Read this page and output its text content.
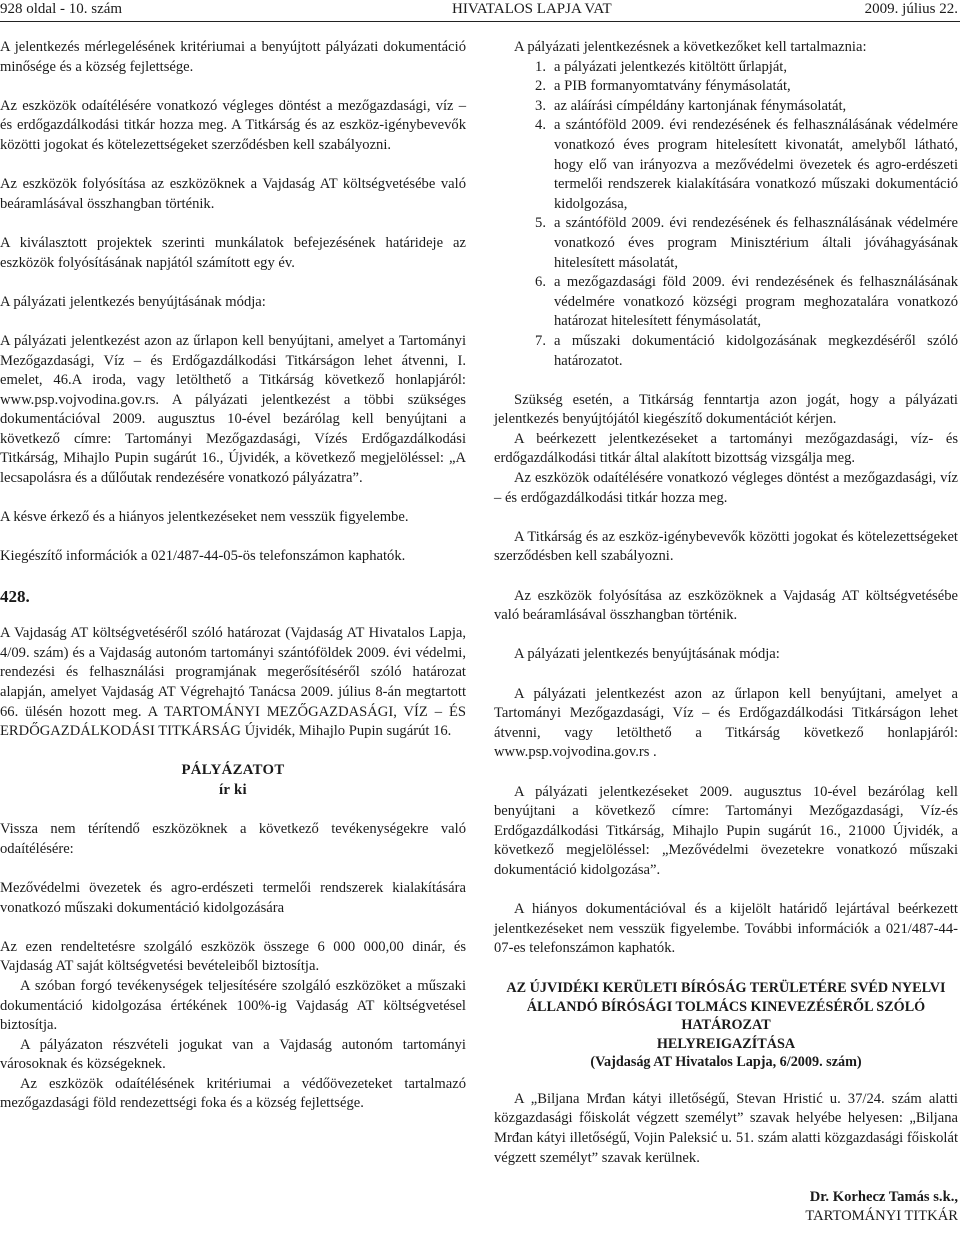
928 oldal - 10. szám	HIVATALOS LAPJA VAT	2009. július 22.

A jelentkezés mérlegelésének kritériumai a benyújtott pályázati dokumentáció minősége és a község fejlettsége.

Az eszközök odaítélésére vonatkozó végleges döntést a mezőgazdasági, víz – és erdőgazdálkodási titkár hozza meg. A Titkárság és az eszköz-igénybevevők közötti jogokat és kötelezettségeket szerződésben kell szabályozni.

Az eszközök folyósítása az eszközöknek a Vajdaság AT költségvetésébe való beáramlásával összhangban történik.

A kiválasztott projektek szerinti munkálatok befejezésének határideje az eszközök folyósításának napjától számított egy év.

A pályázati jelentkezés benyújtásának módja:

A pályázati jelentkezést azon az űrlapon kell benyújtani, amelyet a Tartományi Mezőgazdasági, Víz – és Erdőgazdálkodási Titkárságon lehet átvenni, I. emelet, 46.A iroda, vagy letölthető a Titkárság következő honlapjáról: www.psp.vojvodina.gov.rs. A pályázati jelentkezést a többi szükséges dokumentációval 2009. augusztus 10-ével bezárólag kell benyújtani a következő címre: Tartományi Mezőgazdasági, Vízés Erdőgazdálkodási Titkárság, Mihajlo Pupin sugárút 16., Újvidék, a következő megjelöléssel: „A lecsapolásra és a dűlőutak rendezésére vonatkozó pályázatra”.

A késve érkező és a hiányos jelentkezéseket nem vesszük figyelembe.

Kiegészítő információk a 021/487-44-05-ös telefonszámon kaphatók.

428.

A Vajdaság AT költségvetéséről szóló határozat (Vajdaság AT Hivatalos Lapja, 4/09. szám) és a Vajdaság autonóm tartományi szántóföldek 2009. évi védelmi, rendezési és felhasználási programjának megerősítéséről szóló határozat alapján, amelyet Vajdaság AT Végrehajtó Tanácsa 2009. július 8-án megtartott 66. ülésén hozott meg. A TARTOMÁNYI MEZŐGAZDASÁGI, VÍZ – ÉS ERDŐGAZDÁLKODÁSI TITKÁRSÁG Újvidék, Mihajlo Pupin sugárút 16.

PÁLYÁZATOT
ír ki

Vissza nem térítendő eszközöknek a következő tevékenységekre való odaítélésére:

Mezővédelmi övezetek és agro-erdészeti termelői rendszerek kialakítására vonatkozó műszaki dokumentáció kidolgozására

Az ezen rendeltetésre szolgáló eszközök összege 6 000 000,00 dinár, és Vajdaság AT saját költségvetési bevételeiből biztosítja.

A szóban forgó tevékenységek teljesítésére szolgáló eszközöket a műszaki dokumentáció kidolgozása értékének 100%-ig Vajdaság AT költségvetésel biztosítja.

A pályázaton részvételi jogukat van a Vajdaság autonóm tartományi városoknak és községeknek.

Az eszközök odaítélésének kritériumai a védőövezeteket tartalmazó mezőgazdasági föld rendezettségi foka és a község fejlettsége.

A pályázati jelentkezésnek a következőket kell tartalmaznia:

1. a pályázati jelentkezés kitöltött űrlapját,
2. a PIB formanyomtatvány fénymásolatát,
3. az aláírási címpéldány kartonjának fénymásolatát,
4. a szántóföld 2009. évi rendezésének és felhasználásának védelmére vonatkozó éves program hitelesített kivonatát, amelyből látható, hogy elő van irányozva a mezővédelmi övezetek és agro-erdészeti termelői rendszerek kialakítására vonatkozó műszaki dokumentáció kidolgozása,
5. a szántóföld 2009. évi rendezésének és felhasználásának védelmére vonatkozó éves program Minisztérium általi jóváhagyásának hitelesített másolatát,
6. a mezőgazdasági föld 2009. évi rendezésének és felhasználásának védelmére vonatkozó községi program meghozatalára vonatkozó határozat hitelesített fénymásolatát,
7. a műszaki dokumentáció kidolgozásának megkezdéséről szóló határozatot.

Szükség esetén, a Titkárság fenntartja azon jogát, hogy a pályázati jelentkezés benyújtójától kiegészítő dokumentációt kérjen.

A beérkezett jelentkezéseket a tartományi mezőgazdasági, víz- és erdőgazdálkodási titkár által alakított bizottság vizsgálja meg.

Az eszközök odaítélésére vonatkozó végleges döntést a mezőgazdasági, víz – és erdőgazdálkodási titkár hozza meg.

A Titkárság és az eszköz-igénybevevők közötti jogokat és kötelezettségeket szerződésben kell szabályozni.

Az eszközök folyósítása az eszközöknek a Vajdaság AT költségvetésébe való beáramlásával összhangban történik.

A pályázati jelentkezés benyújtásának módja:

A pályázati jelentkezést azon az űrlapon kell benyújtani, amelyet a Tartományi Mezőgazdasági, Víz – és Erdőgazdálkodási Titkárságon lehet átvenni, vagy letölthető a Titkárság következő honlapjáról: www.psp.vojvodina.gov.rs .

A pályázati jelentkezéseket 2009. augusztus 10-ével bezárólag kell benyújtani a következő címre: Tartományi Mezőgazdasági, Víz-és Erdőgazdálkodási Titkárság, Mihajlo Pupin sugárút 16., 21000 Újvidék, a következő megjelöléssel: „Mezővédelmi övezetekre vonatkozó műszaki dokumentáció kidolgozása”.

A hiányos dokumentációval és a kijelölt határidő lejártával beérkezett jelentkezéseket nem vesszük figyelembe. További információk a 021/487-44-07-es telefonszámon kaphatók.

AZ ÚJVIDÉKI KERÜLETI BÍRÓSÁG TERÜLETÉRE SVÉD NYELVI ÁLLANDÓ BÍRÓSÁGI TOLMÁCS KINEVEZÉSÉRŐL SZÓLÓ HATÁROZAT
HELYREIGAZÍTÁSA
(Vajdaság AT Hivatalos Lapja, 6/2009. szám)

A „Biljana Mrđan kátyi illetőségű, Stevan Hristić u. 37/24. szám alatti közgazdasági főiskolát végzett személyt” szavak helyébe helyesen: „Biljana Mrđan kátyi illetőségű, Vojin Paleksić u. 51. szám alatti közgazdasági főiskolát végzett személyt” szavak kerülnek.

Dr. Korhecz Tamás s.k.,
TARTOMÁNYI TITKÁR
